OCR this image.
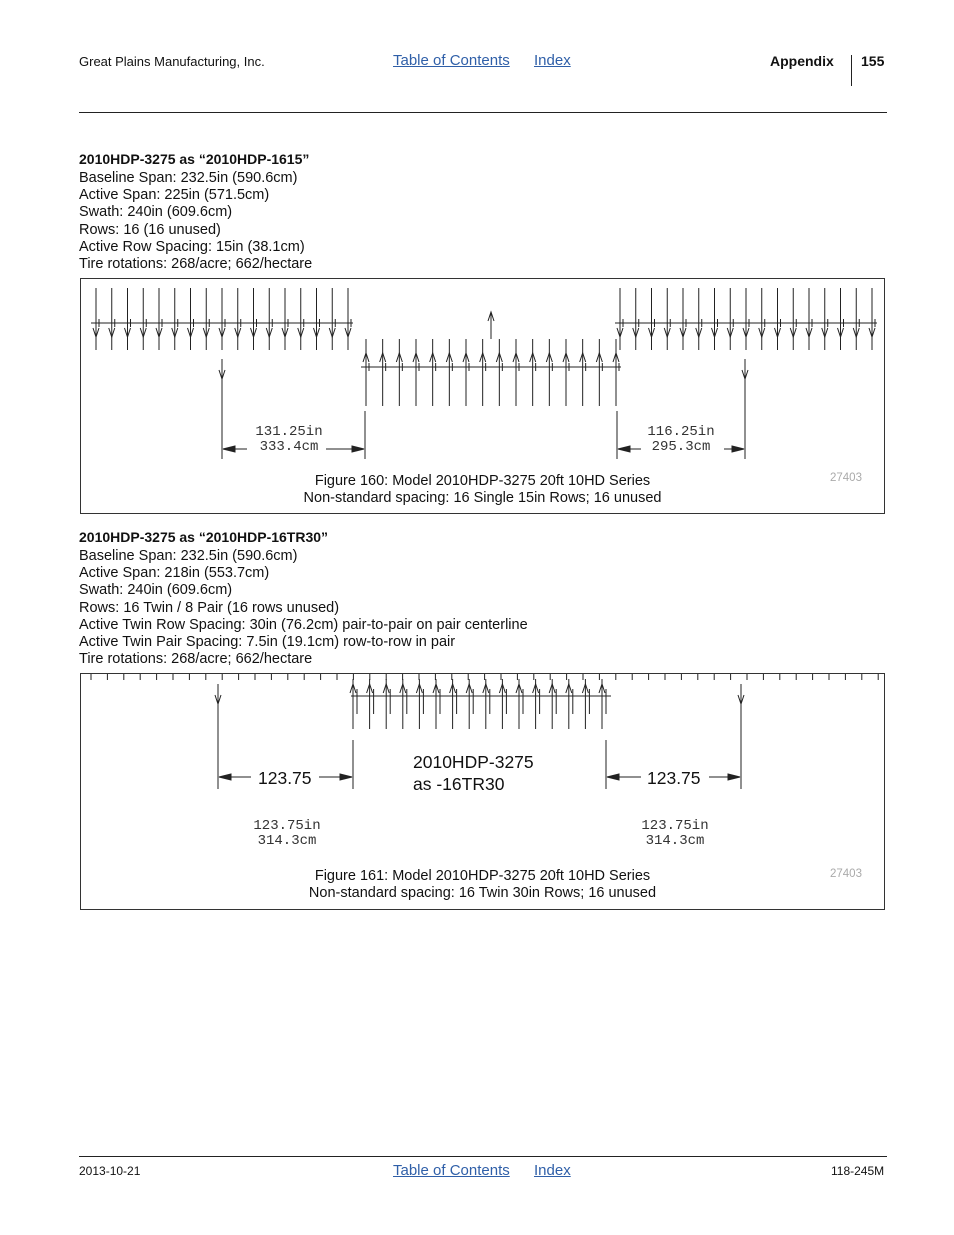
Great Plains Manufacturing, Inc.	Table of Contents Index	Appendix 155
2010HDP-3275 as “2010HDP-1615”
Baseline Span: 232.5in (590.6cm)
Active Span: 225in (571.5cm)
Swath: 240in (609.6cm)
Rows: 16 (16 unused)
Active Row Spacing: 15in (38.1cm)
Tire rotations: 268/acre; 662/hectare
131.25in
333.4cm
116.25in
295.3cm
Figure 160: Model 2010HDP-3275 20ft 10HD Series
Non-standard spacing: 16 Single 15in Rows; 16 unused
27403
2010HDP-3275 as “2010HDP-16TR30”
Baseline Span: 232.5in (590.6cm)
Active Span: 218in (553.7cm)
Swath: 240in (609.6cm)
Rows: 16 Twin / 8 Pair (16 rows unused)
Active Twin Row Spacing: 30in (76.2cm) pair-to-pair on pair centerline
Active Twin Pair Spacing: 7.5in (19.1cm) row-to-row in pair
Tire rotations: 268/acre; 662/hectare
123.75	123.75
2010HDP-3275
as -16TR30
123.75in
314.3cm
123.75in
314.3cm
Figure 161: Model 2010HDP-3275 20ft 10HD Series
Non-standard spacing: 16 Twin 30in Rows; 16 unused
27403
2013-10-21	Table of Contents Index	118-245M
